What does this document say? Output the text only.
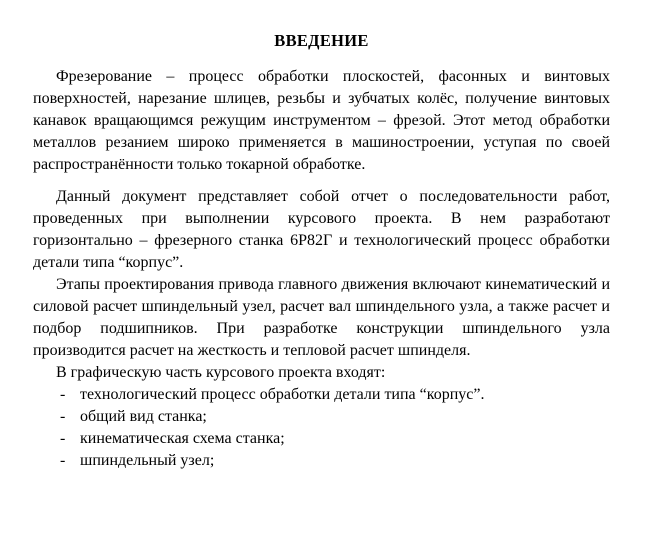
ВВЕДЕНИЕ

Фрезерование – процесс обработки плоскостей, фасонных и винтовых поверхностей, нарезание шлицев, резьбы и зубчатых колёс, получение винтовых канавок вращающимся режущим инструментом – фрезой. Этот метод обработки металлов резанием широко применяется в машиностроении, уступая по своей распространённости только токарной обработке.

Данный документ представляет собой отчет о последовательности работ, проведенных при выполнении курсового проекта. В нем разработают горизонтально – фрезерного станка 6Р82Г и технологический процесс обработки детали типа “корпус”.

Этапы проектирования привода главного движения включают кинематический и силовой расчет шпиндельный узел, расчет вал шпиндельного узла, а также расчет и подбор подшипников. При разработке конструкции шпиндельного узла производится расчет на жесткость и тепловой расчет шпинделя.

В графическую часть курсового проекта входят:

- технологический процесс обработки детали типа “корпус”.
- общий вид станка;
- кинематическая схема станка;
- шпиндельный узел;
